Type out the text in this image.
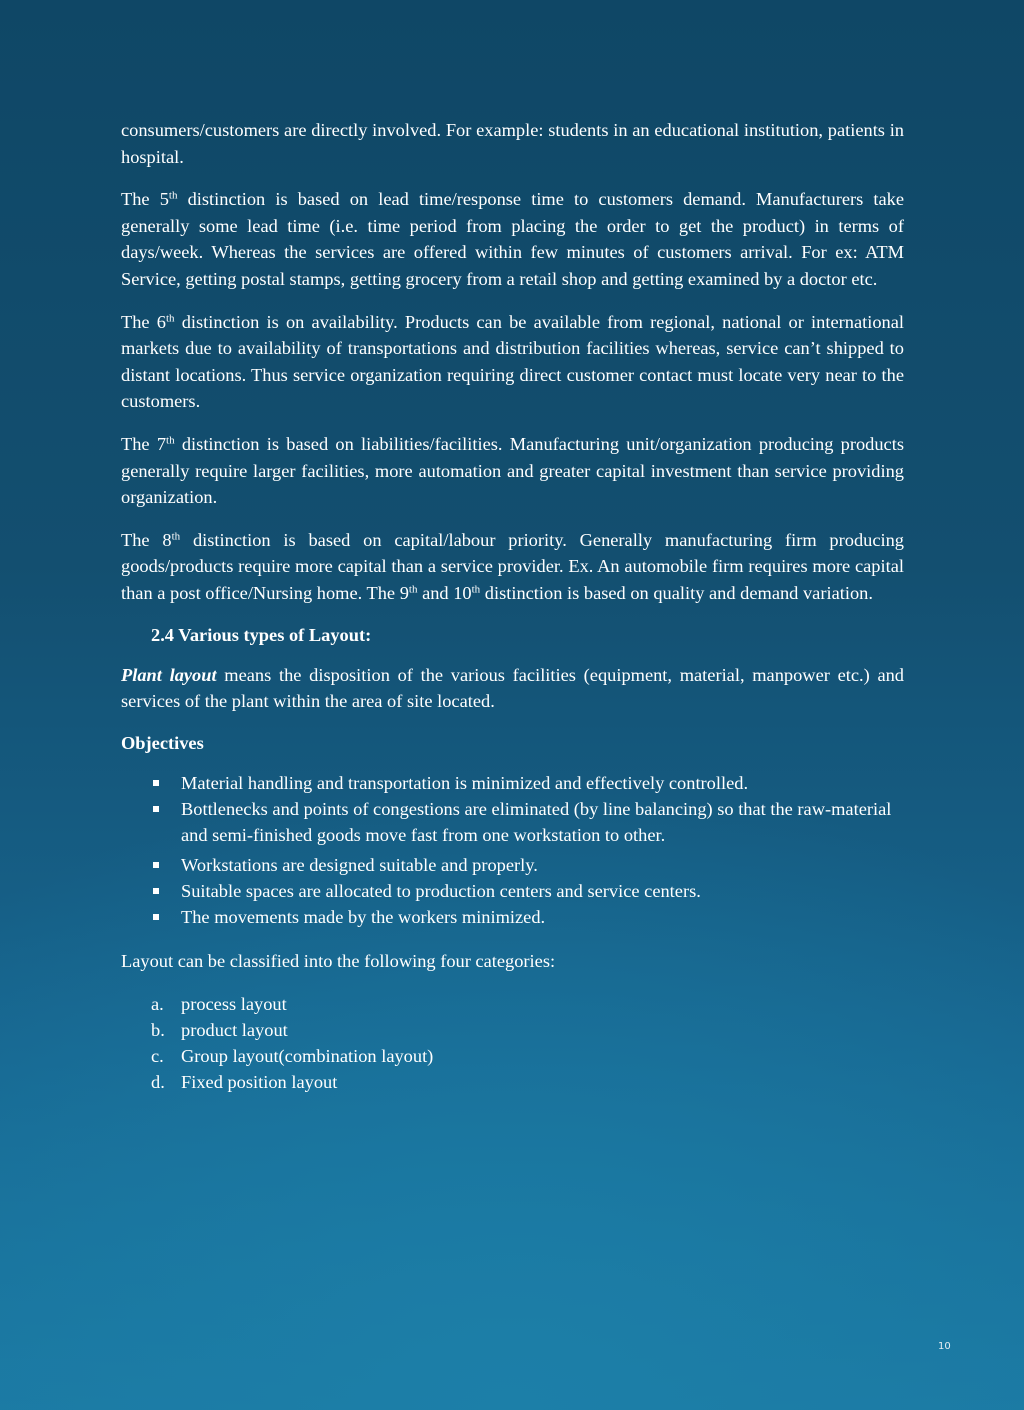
consumers/customers are directly involved. For example: students in an educational institution, patients in hospital.

The 5th distinction is based on lead time/response time to customers demand. Manufacturers take generally some lead time (i.e. time period from placing the order to get the product) in terms of days/week. Whereas the services are offered within few minutes of customers arrival. For ex: ATM Service, getting postal stamps, getting grocery from a retail shop and getting examined by a doctor etc.

The 6th distinction is on availability. Products can be available from regional, national or international markets due to availability of transportations and distribution facilities whereas, service can’t shipped to distant locations. Thus service organization requiring direct customer contact must locate very near to the customers.

The 7th distinction is based on liabilities/facilities. Manufacturing unit/organization producing products generally require larger facilities, more automation and greater capital investment than service providing organization.

The 8th distinction is based on capital/labour priority. Generally manufacturing firm producing goods/products require more capital than a service provider. Ex. An automobile firm requires more capital than a post office/Nursing home. The 9th and 10th distinction is based on quality and demand variation.

2.4 Various types of Layout:

Plant layout means the disposition of the various facilities (equipment, material, manpower etc.) and services of the plant within the area of site located.

Objectives
Material handling and transportation is minimized and effectively controlled.
Bottlenecks and points of congestions are eliminated (by line balancing) so that the raw-material and semi-finished goods move fast from one workstation to other.
Workstations are designed suitable and properly.
Suitable spaces are allocated to production centers and service centers.
The movements made by the workers minimized.

Layout can be classified into the following four categories:

a. process layout
b. product layout
c. Group layout(combination layout)
d. Fixed position layout
10
